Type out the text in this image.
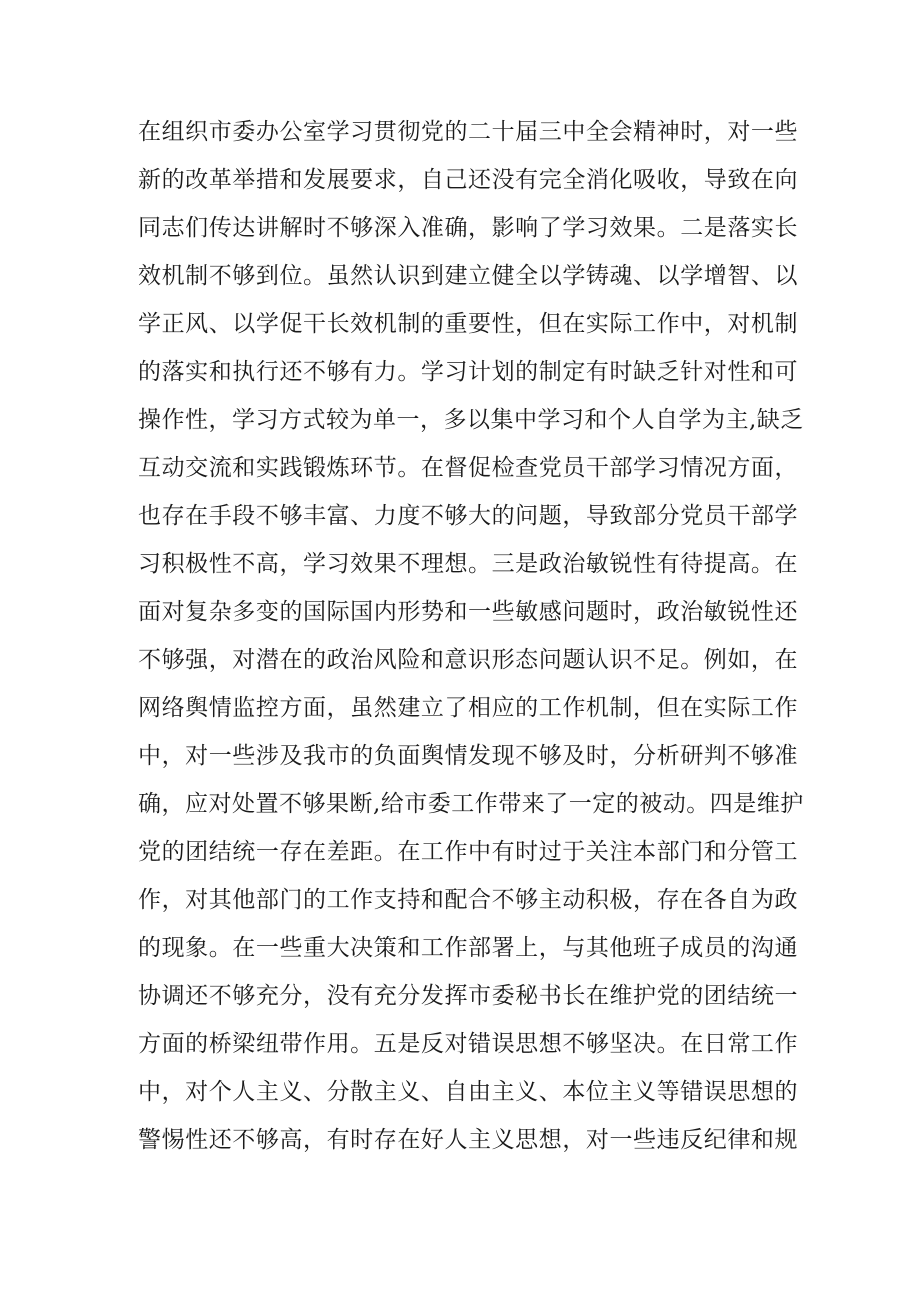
在组织市委办公室学习贯彻党的二十届三中全会精神时，对一些
新的改革举措和发展要求，自己还没有完全消化吸收，导致在向
同志们传达讲解时不够深入准确，影响了学习效果。二是落实长
效机制不够到位。虽然认识到建立健全以学铸魂、以学增智、以
学正风、以学促干长效机制的重要性，但在实际工作中，对机制
的落实和执行还不够有力。学习计划的制定有时缺乏针对性和可
操作性，学习方式较为单一，多以集中学习和个人自学为主,缺乏
互动交流和实践锻炼环节。在督促检查党员干部学习情况方面，
也存在手段不够丰富、力度不够大的问题，导致部分党员干部学
习积极性不高，学习效果不理想。三是政治敏锐性有待提高。在
面对复杂多变的国际国内形势和一些敏感问题时，政治敏锐性还
不够强，对潜在的政治风险和意识形态问题认识不足。例如，在
网络舆情监控方面，虽然建立了相应的工作机制，但在实际工作
中，对一些涉及我市的负面舆情发现不够及时，分析研判不够准
确，应对处置不够果断,给市委工作带来了一定的被动。四是维护
党的团结统一存在差距。在工作中有时过于关注本部门和分管工
作，对其他部门的工作支持和配合不够主动积极，存在各自为政
的现象。在一些重大决策和工作部署上，与其他班子成员的沟通
协调还不够充分，没有充分发挥市委秘书长在维护党的团结统一
方面的桥梁纽带作用。五是反对错误思想不够坚决。在日常工作
中，对个人主义、分散主义、自由主义、本位主义等错误思想的
警惕性还不够高，有时存在好人主义思想，对一些违反纪律和规
